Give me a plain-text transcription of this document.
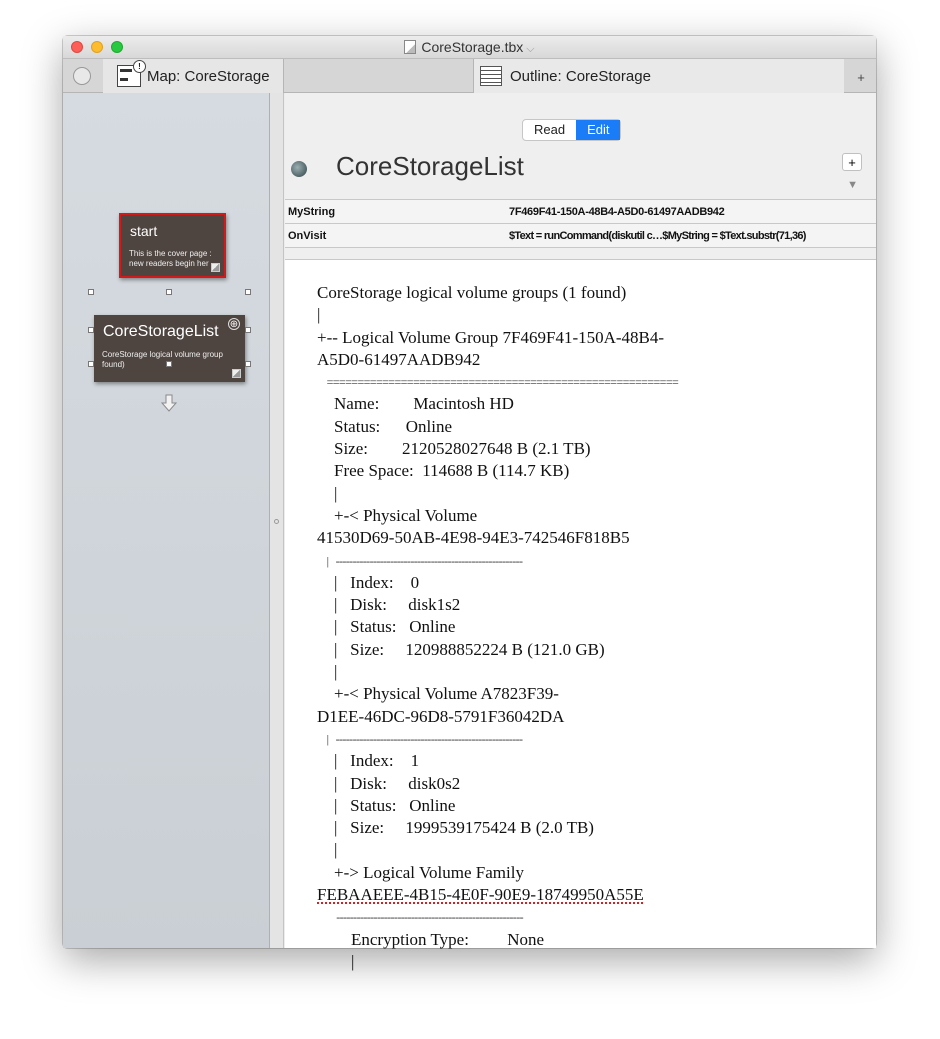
CoreStorage.tbx ⌵
!
Map: CoreStorage	Outline: CoreStorage	+
start
This is the cover page : new readers begin her
CoreStorageList ⊕
CoreStorage logical volume group found)
Read	Edit
CoreStorageList	+
▼
MyString	7F469F41-150A-48B4-A5D0-61497AADB942
OnVisit	$Text = runCommand(diskutil c…$MyString = $Text.substr(71,36)
CoreStorage logical volume groups (1 found)
|
+-- Logical Volume Group 7F469F41-150A-48B4-
A5D0-61497AADB942
=========================================================
Name:        Macintosh HD
Status:      Online
Size:        2120528027648 B (2.1 TB)
Free Space:  114688 B (114.7 KB)
|
+-< Physical Volume
41530D69-50AB-4E98-94E3-742546F818B5
|   -------------------------------------------------------
|   Index:    0
|   Disk:     disk1s2
|   Status:   Online
|   Size:     120988852224 B (121.0 GB)
|
+-< Physical Volume A7823F39-
D1EE-46DC-96D8-5791F36042DA
|   -------------------------------------------------------
|   Index:    1
|   Disk:     disk0s2
|   Status:   Online
|   Size:     1999539175424 B (2.0 TB)
|
+-> Logical Volume Family
FEBAAEEE-4B15-4E0F-90E9-18749950A55E
-------------------------------------------------------
Encryption Type:         None
|
